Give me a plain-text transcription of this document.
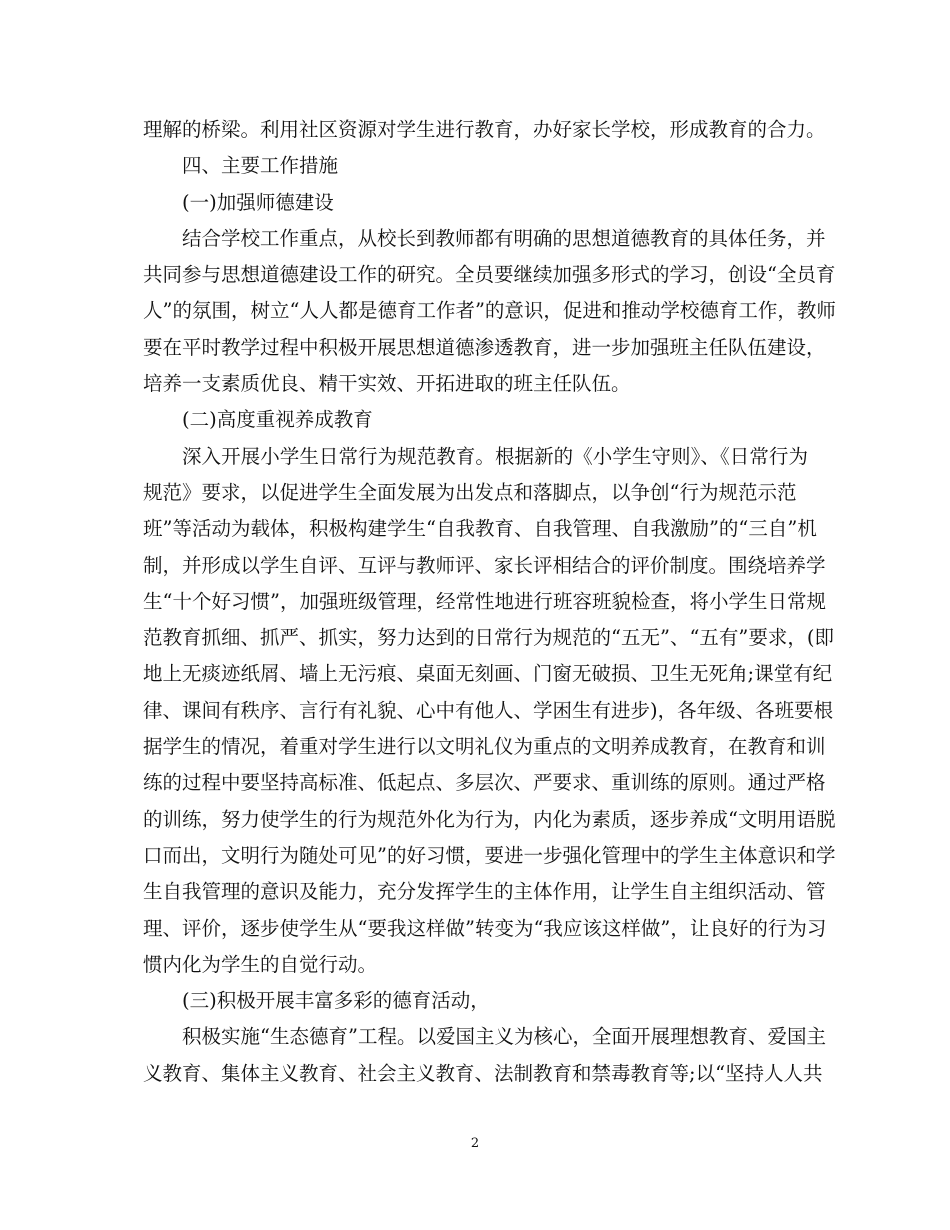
理解的桥梁。利用社区资源对学生进行教育，办好家长学校，形成教育的合力。
四、主要工作措施
(一)加强师德建设
结合学校工作重点，从校长到教师都有明确的思想道德教育的具体任务，并
共同参与思想道德建设工作的研究。全员要继续加强多形式的学习，创设“全员育
人”的氛围，树立“人人都是德育工作者”的意识，促进和推动学校德育工作，教师
要在平时教学过程中积极开展思想道德渗透教育，进一步加强班主任队伍建设，
培养一支素质优良、精干实效、开拓进取的班主任队伍。
(二)高度重视养成教育
深入开展小学生日常行为规范教育。根据新的《小学生守则》、《日常行为
规范》要求，以促进学生全面发展为出发点和落脚点，以争创“行为规范示范
班”等活动为载体，积极构建学生“自我教育、自我管理、自我激励”的“三自”机
制，并形成以学生自评、互评与教师评、家长评相结合的评价制度。围绕培养学
生“十个好习惯”，加强班级管理，经常性地进行班容班貌检查，将小学生日常规
范教育抓细、抓严、抓实，努力达到的日常行为规范的“五无”、“五有”要求，(即
地上无痰迹纸屑、墙上无污痕、桌面无刻画、门窗无破损、卫生无死角;课堂有纪
律、课间有秩序、言行有礼貌、心中有他人、学困生有进步)，各年级、各班要根
据学生的情况，着重对学生进行以文明礼仪为重点的文明养成教育，在教育和训
练的过程中要坚持高标准、低起点、多层次、严要求、重训练的原则。通过严格
的训练，努力使学生的行为规范外化为行为，内化为素质，逐步养成“文明用语脱
口而出，文明行为随处可见”的好习惯，要进一步强化管理中的学生主体意识和学
生自我管理的意识及能力，充分发挥学生的主体作用，让学生自主组织活动、管
理、评价，逐步使学生从“要我这样做”转变为“我应该这样做”，让良好的行为习
惯内化为学生的自觉行动。
(三)积极开展丰富多彩的德育活动，
积极实施“生态德育”工程。以爱国主义为核心，全面开展理想教育、爱国主
义教育、集体主义教育、社会主义教育、法制教育和禁毒教育等;以“坚持人人共
2
